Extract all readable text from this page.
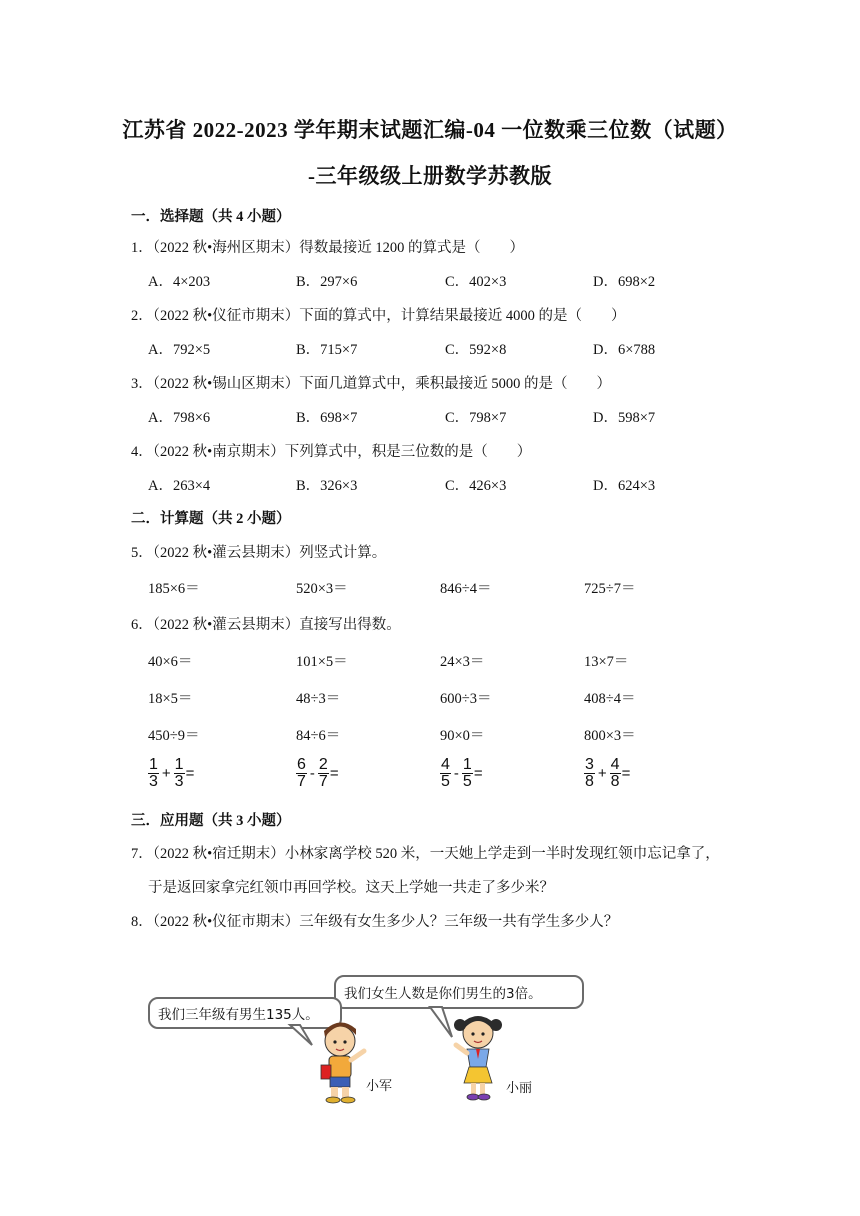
江苏省 2022-2023 学年期末试题汇编-04 一位数乘三位数（试题）
-三年级级上册数学苏教版
一．选择题（共 4 小题）
1．（2022 秋•海州区期末）得数最接近 1200 的算式是（　　）
A．4×203	B．297×6	C．402×3	D．698×2
2．（2022 秋•仪征市期末）下面的算式中，计算结果最接近 4000 的是（　　）
A．792×5	B．715×7	C．592×8	D．6×788
3．（2022 秋•锡山区期末）下面几道算式中，乘积最接近 5000 的是（　　）
A．798×6	B．698×7	C．798×7	D．598×7
4．（2022 秋•南京期末）下列算式中，积是三位数的是（　　）
A．263×4	B．326×3	C．426×3	D．624×3
二．计算题（共 2 小题）
5．（2022 秋•灌云县期末）列竖式计算。
185×6＝	520×3＝	846÷4＝	725÷7＝
6．（2022 秋•灌云县期末）直接写出得数。
40×6＝	101×5＝	24×3＝	13×7＝
18×5＝	48÷3＝	600÷3＝	408÷4＝
450÷9＝	84÷6＝	90×0＝	800×3＝
$\frac{1}{3} + \frac{1}{3}$ =	$\frac{6}{7} - \frac{2}{7}$ =	$\frac{4}{5} - \frac{1}{5}$ =	$\frac{3}{8} + \frac{4}{8}$ =
三．应用题（共 3 小题）
7．（2022 秋•宿迁期末）小林家离学校 520 米，一天她上学走到一半时发现红领巾忘记拿了，
于是返回家拿完红领巾再回学校。这天上学她一共走了多少米？
8．（2022 秋•仪征市期末）三年级有女生多少人？三年级一共有学生多少人？
我们女生人数是你们男生的3倍。
我们三年级有男生135人。
小军	小丽
